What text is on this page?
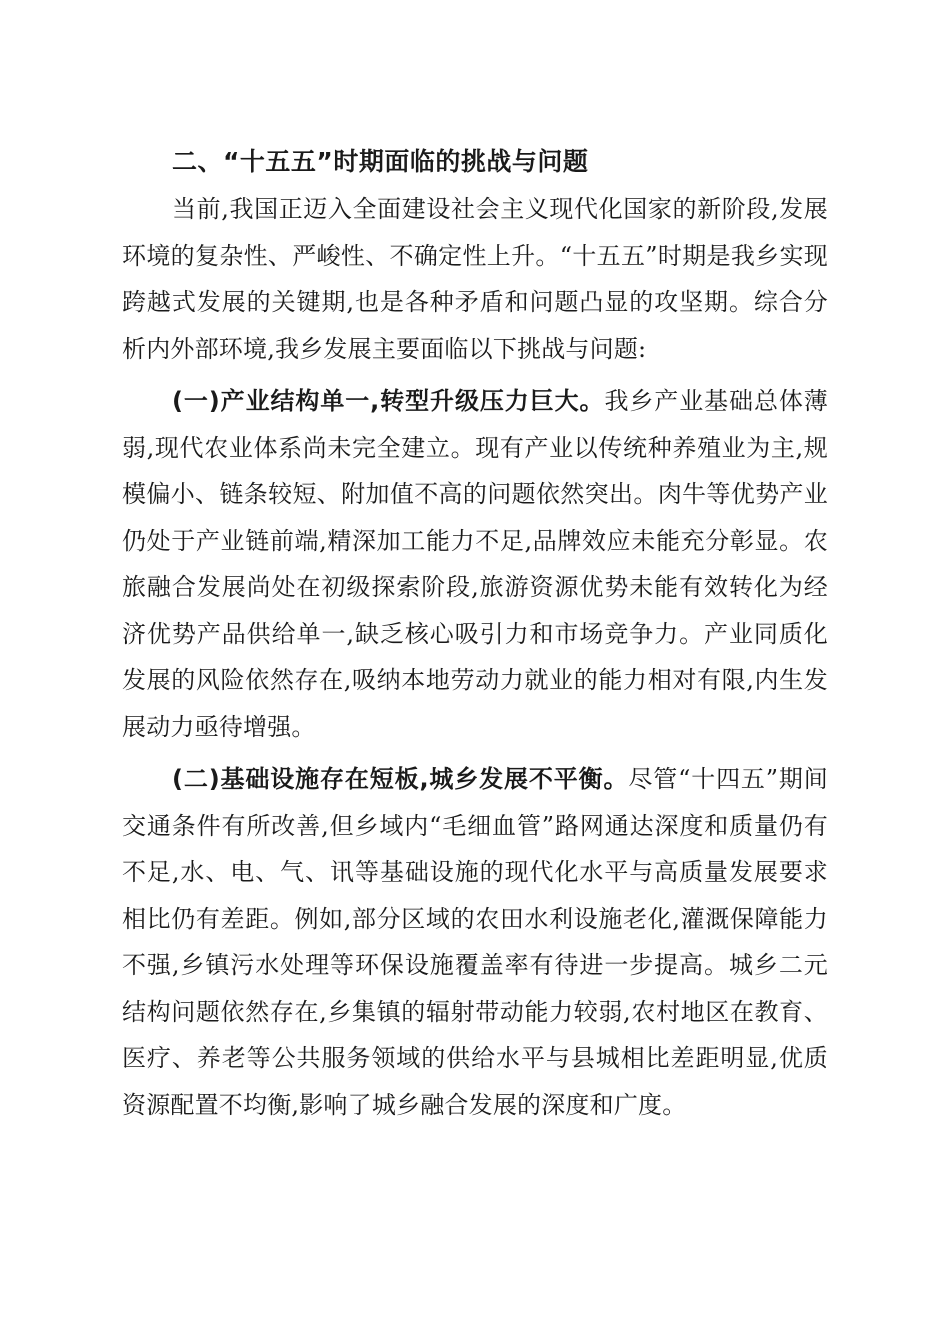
二、“十五五”时期面临的挑战与问题

当前,我国正迈入全面建设社会主义现代化国家的新阶段,发展环境的复杂性、严峻性、不确定性上升。“十五五”时期是我乡实现跨越式发展的关键期,也是各种矛盾和问题凸显的攻坚期。综合分析内外部环境,我乡发展主要面临以下挑战与问题:

(一)产业结构单一,转型升级压力巨大。我乡产业基础总体薄弱,现代农业体系尚未完全建立。现有产业以传统种养殖业为主,规模偏小、链条较短、附加值不高的问题依然突出。肉牛等优势产业仍处于产业链前端,精深加工能力不足,品牌效应未能充分彰显。农旅融合发展尚处在初级探索阶段,旅游资源优势未能有效转化为经济优势产品供给单一,缺乏核心吸引力和市场竞争力。产业同质化发展的风险依然存在,吸纳本地劳动力就业的能力相对有限,内生发展动力亟待增强。

(二)基础设施存在短板,城乡发展不平衡。尽管“十四五”期间交通条件有所改善,但乡域内“毛细血管”路网通达深度和质量仍有不足,水、电、气、讯等基础设施的现代化水平与高质量发展要求相比仍有差距。例如,部分区域的农田水利设施老化,灌溉保障能力不强,乡镇污水处理等环保设施覆盖率有待进一步提高。城乡二元结构问题依然存在,乡集镇的辐射带动能力较弱,农村地区在教育、医疗、养老等公共服务领域的供给水平与县城相比差距明显,优质资源配置不均衡,影响了城乡融合发展的深度和广度。
